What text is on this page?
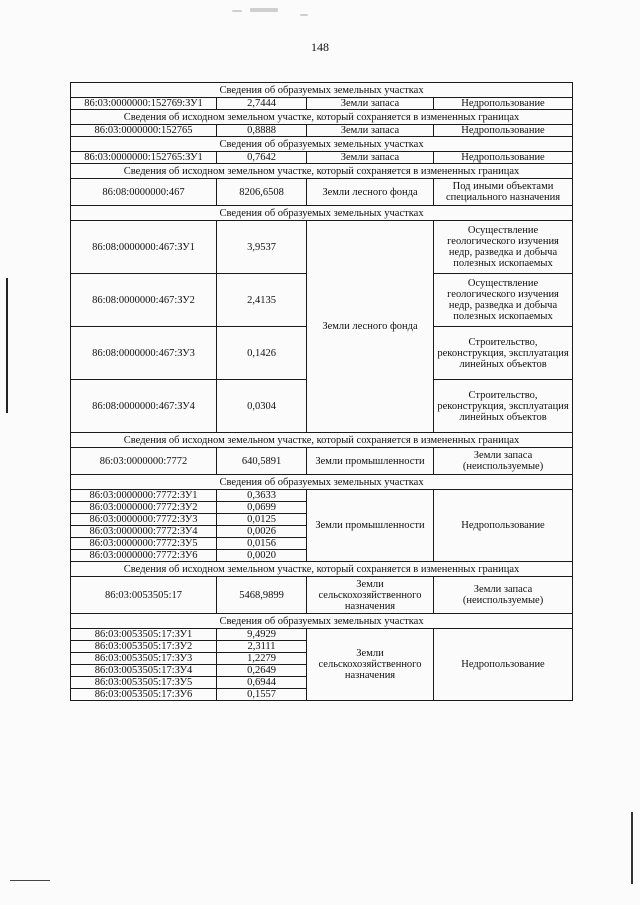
148
Сведения об образуемых земельных участках			
86:03:0000000:152769:ЗУ1	2,7444	Земли запаса	Недропользование
Сведения об исходном земельном участке, который сохраняется в измененных границах			
86:03:0000000:152765	0,8888	Земли запаса	Недропользование
Сведения об образуемых земельных участках			
86:03:0000000:152765:ЗУ1	0,7642	Земли запаса	Недропользование
Сведения об исходном земельном участке, который сохраняется в измененных границах			
86:08:0000000:467	8206,6508	Земли лесного фонда	Под иными объектами специального назначения
Сведения об образуемых земельных участках			
86:08:0000000:467:ЗУ1	3,9537	Земли лесного фонда	Осуществление геологического изучения недр, разведка и добыча полезных ископаемых
86:08:0000000:467:ЗУ2	2,4135		Осуществление геологического изучения недр, разведка и добыча полезных ископаемых
86:08:0000000:467:ЗУ3	0,1426		Строительство, реконструкция, эксплуатация линейных объектов
86:08:0000000:467:ЗУ4	0,0304		Строительство, реконструкция, эксплуатация линейных объектов
Сведения об исходном земельном участке, который сохраняется в измененных границах			
86:03:0000000:7772	640,5891	Земли промышленности	Земли запаса (неиспользуемые)
Сведения об образуемых земельных участках			
86:03:0000000:7772:ЗУ1	0,3633	Земли промышленности	Недропользование
86:03:0000000:7772:ЗУ2	0,0699		
86:03:0000000:7772:ЗУ3	0,0125		
86:03:0000000:7772:ЗУ4	0,0026		
86:03:0000000:7772:ЗУ5	0,0156		
86:03:0000000:7772:ЗУ6	0,0020		
Сведения об исходном земельном участке, который сохраняется в измененных границах			
86:03:0053505:17	5468,9899	Земли сельскохозяйственного назначения	Земли запаса (неиспользуемые)
Сведения об образуемых земельных участках			
86:03:0053505:17:ЗУ1	9,4929	Земли сельскохозяйственного назначения	Недропользование
86:03:0053505:17:ЗУ2	2,3111		
86:03:0053505:17:ЗУ3	1,2279		
86:03:0053505:17:ЗУ4	0,2649		
86:03:0053505:17:ЗУ5	0,6944		
86:03:0053505:17:ЗУ6	0,1557		
